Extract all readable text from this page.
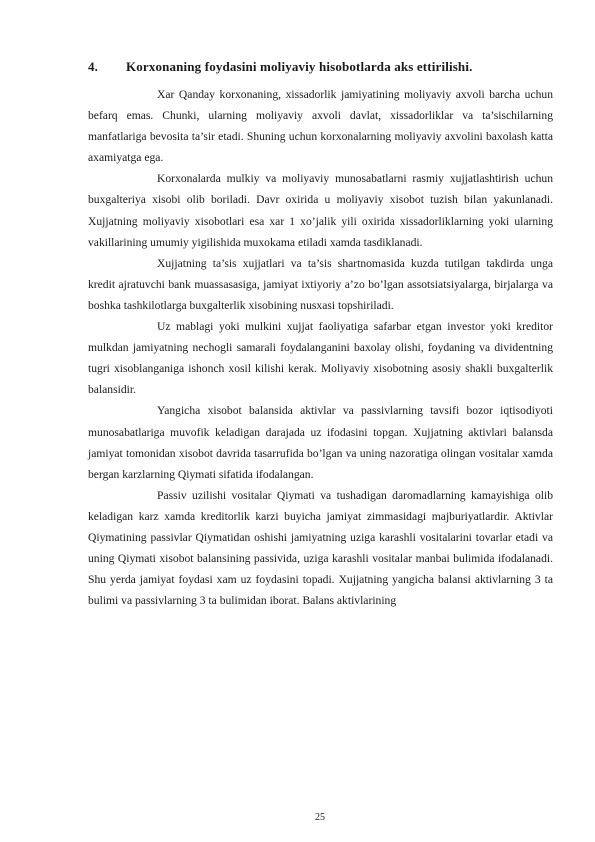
4.	Korxonaning foydasini moliyaviy hisobotlarda aks ettirilishi.

Xar Qanday korxonaning, xissadorlik jamiyatining moliyaviy axvoli barcha uchun befarq emas. Chunki, ularning moliyaviy axvoli davlat, xissadorliklar va ta’sischilarning manfatlariga bevosita ta’sir etadi. Shuning uchun korxonalarning moliyaviy axvolini baxolash katta axamiyatga ega.

Korxonalarda mulkiy va moliyaviy munosabatlarni rasmiy xujjatlashtirish uchun buxgalteriya xisobi olib boriladi. Davr oxirida u moliyaviy xisobot tuzish bilan yakunlanadi. Xujjatning moliyaviy xisobotlari esa xar 1 xo’jalik yili oxirida xissadorliklarning yoki ularning vakillarining umumiy yigilishida muxokama etiladi xamda tasdiklanadi.

Xujjatning ta’sis xujjatlari va ta’sis shartnomasida kuzda tutilgan takdirda unga kredit ajratuvchi bank muassasasiga, jamiyat ixtiyoriy a’zo bo’lgan assotsiatsiyalarga, birjalarga va boshka tashkilotlarga buxgalterlik xisobining nusxasi topshiriladi.

Uz mablagi yoki mulkini xujjat faoliyatiga safarbar etgan investor yoki kreditor mulkdan jamiyatning nechogli samarali foydalanganini baxolay olishi, foydaning va dividentning tugri xisoblanganiga ishonch xosil kilishi kerak. Moliyaviy xisobotning asosiy shakli buxgalterlik balansidir.

Yangicha xisobot balansida aktivlar va passivlarning tavsifi bozor iqtisodiyoti munosabatlariga muvofik keladigan darajada uz ifodasini topgan. Xujjatning aktivlari balansda jamiyat tomonidan xisobot davrida tasarrufida bo’lgan va uning nazoratiga olingan vositalar xamda bergan karzlarning Qiymati sifatida ifodalangan.

Passiv uzilishi vositalar Qiymati va tushadigan daromadlarning kamayishiga olib keladigan karz xamda kreditorlik karzi buyicha jamiyat zimmasidagi majburiyatlardir. Aktivlar Qiymatining passivlar Qiymatidan oshishi jamiyatning uziga karashli vositalarini tovarlar etadi va uning Qiymati xisobot balansining passivida, uziga karashli vositalar manbai bulimida ifodalanadi. Shu yerda jamiyat foydasi xam uz foydasini topadi. Xujjatning yangicha balansi aktivlarning 3 ta bulimi va passivlarning 3 ta bulimidan iborat. Balans aktivlarining

25
